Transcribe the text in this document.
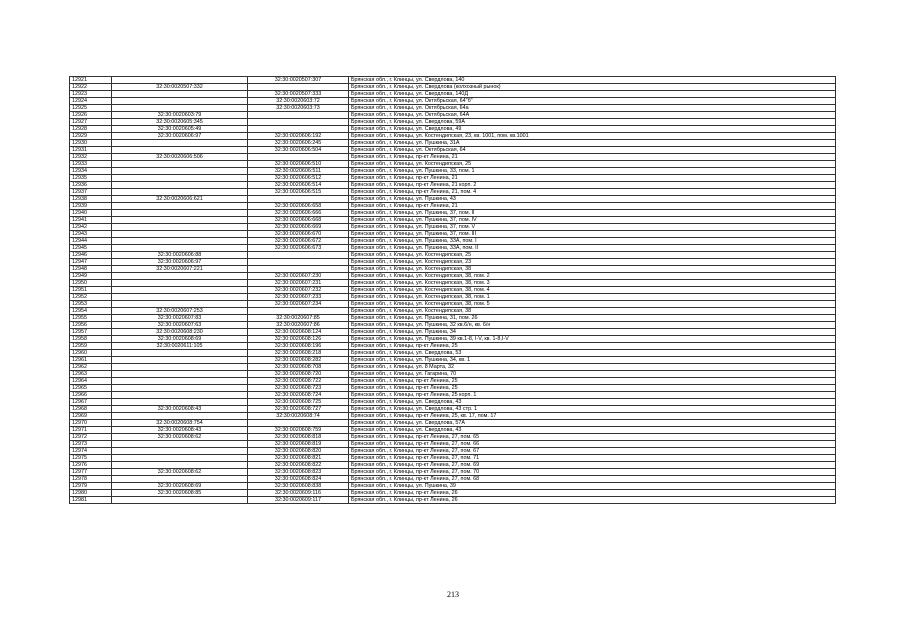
12921		32:30:0020507:307	Брянская обл., г. Клинцы, ул. Свердлова, 140
12922	32:30:0020507:332		Брянская обл., г. Клинцы, ул. Свердлова (колхозный рынок)
12923		32:30:0020507:333	Брянская обл., г. Клинцы, ул. Свердлова, 140Д
12924		32:30:0020603:72	Брянская обл., г. Клинцы, ул. Октябрьская, 64"б"
12925		32:30:0020603:73	Брянская обл., г. Клинцы, ул. Октябрьская, 64а
12926	32:30:0020603:79		Брянская обл., г. Клинцы, ул. Октябрьская, 64А
12927	32:30:0020605:345		Брянская обл., г. Клинцы, ул. Свердлова, 59А
12928	32:30:0020605:49		Брянская обл., г. Клинцы, ул. Свердлова, 49
12929	32:30:0020606:97	32:30:0020606:192	Брянская обл., г. Клинцы, ул. Костендипская, 23, кв. 1001, пом. кв.1001
12930		32:30:0020606:245	Брянская обл., г. Клинцы, ул. Пушкина, 31А
12931		32:30:0020606:504	Брянская обл., г. Клинцы, ул. Октябрьская, 64
12932	32:30:0020606:506		Брянская обл., г. Клинцы, пр-кт Ленина, 21
12933		32:30:0020606:510	Брянская обл., г. Клинцы, ул. Костендипская, 25
12934		32:30:0020606:511	Брянская обл., г. Клинцы, ул. Пушкина, 33, пом. 1
12935		32:30:0020606:512	Брянская обл., г. Клинцы, пр-кт Ленина, 21
12936		32:30:0020606:514	Брянская обл., г. Клинцы, пр-кт Ленина, 21 корп. 2
12937		32:30:0020606:515	Брянская обл., г. Клинцы, пр-кт Ленина, 21, пом. 4
12938	32:30:0020606:621		Брянская обл., г. Клинцы, ул. Пушкина, 43
12939		32:30:0020606:658	Брянская обл., г. Клинцы, пр-кт Ленина, 21
12940		32:30:0020606:666	Брянская обл., г. Клинцы, ул. Пушкина, 37, пом. II
12941		32:30:0020606:668	Брянская обл., г. Клинцы, ул. Пушкина, 37, пом. IV
12942		32:30:0020606:669	Брянская обл., г. Клинцы, ул. Пушкина, 37, пом. V
12943		32:30:0020606:670	Брянская обл., г. Клинцы, ул. Пушкина, 37, пом. III
12944		32:30:0020606:672	Брянская обл., г. Клинцы, ул. Пушкина, 33А, пом. I
12945		32:30:0020606:673	Брянская обл., г. Клинцы, ул. Пушкина, 33А, пом. II
12946	32:30:0020606:88		Брянская обл., г. Клинцы, ул. Костендипская, 25
12947	32:30:0020606:97		Брянская обл., г. Клинцы, ул. Костендипская, 23
12948	32:30:0020607:221		Брянская обл., г. Клинцы, ул. Костендипская, 38
12949		32:30:0020607:230	Брянская обл., г. Клинцы, ул. Костендипская, 38, пом. 2
12950		32:30:0020607:231	Брянская обл., г. Клинцы, ул. Костендипская, 38, пом. 3
12951		32:30:0020607:232	Брянская обл., г. Клинцы, ул. Костендипская, 38, пом. 4
12952		32:30:0020607:233	Брянская обл., г. Клинцы, ул. Костендипская, 38, пом. 1
12953		32:30:0020607:234	Брянская обл., г. Клинцы, ул. Костендипская, 38, пом. 5
12954	32:30:0020607:253		Брянская обл., г. Клинцы, ул. Костендипская, 38
12955	32:30:0020607:83	32:30:0020607:85	Брянская обл., г. Клинцы, ул. Пушкина, 31, пом. 26
12956	32:30:0020607:63	32:30:0020607:86	Брянская обл., г. Клинцы, ул. Пушкина, 32 кв.6/н, кв. 6/н
12957	32:30:0020608:230	32:30:0020608:124	Брянская обл., г. Клинцы, ул. Пушкина, 34
12958	32:30:0020608:69	32:30:0020608:126	Брянская обл., г. Клинцы, ул. Пушкина, 39 кв.1-8, I-V, кв. 1-8,I-V
12959	32:30:0020611:105	32:30:0020608:196	Брянская обл., г. Клинцы, пр-кт Ленина, 25
12960		32:30:0020608:218	Брянская обл., г. Клинцы, ул. Свердлова, 53
12961		32:30:0020608:282	Брянская обл., г. Клинцы, ул. Пушкина, 34, кв. 1
12962		32:30:0020608:708	Брянская обл., г. Клинцы, ул. 8 Марта, 32
12963		32:30:0020608:720	Брянская обл., г. Клинцы, ул. Гагарина, 70
12964		32:30:0020608:722	Брянская обл., г. Клинцы, пр-кт Ленина, 25
12965		32:30:0020608:723	Брянская обл., г. Клинцы, пр-кт Ленина, 25
12966		32:30:0020608:724	Брянская обл., г. Клинцы, пр-кт Ленина, 25 корп. 1
12967		32:30:0020608:725	Брянская обл., г. Клинцы, ул. Свердлова, 43
12968	32:30:0020608:43	32:30:0020608:727	Брянская обл., г. Клинцы, ул. Свердлова, 43 стр. 1
12969		32:30:0020608:74	Брянская обл., г. Клинцы, пр-кт Ленина, 25, кв. 17, пом. 17
12970	32:30:0020608:754		Брянская обл., г. Клинцы, ул. Свердлова, 57А
12971	32:30:0020608:43	32:30:0020608:759	Брянская обл., г. Клинцы, ул. Свердлова, 43
12972	32:30:0020608:62	32:30:0020608:818	Брянская обл., г. Клинцы, пр-кт Ленина, 27, пом. 65
12973		32:30:0020608:819	Брянская обл., г. Клинцы, пр-кт Ленина, 27, пом. 66
12974		32:30:0020608:820	Брянская обл., г. Клинцы, пр-кт Ленина, 27, пом. 67
12975		32:30:0020608:821	Брянская обл., г. Клинцы, пр-кт Ленина, 27, пом. 71
12976		32:30:0020608:822	Брянская обл., г. Клинцы, пр-кт Ленина, 27, пом. 69
12977	32:30:0020608:62	32:30:0020608:823	Брянская обл., г. Клинцы, пр-кт Ленина, 27, пом. 70
12978		32:30:0020608:824	Брянская обл., г. Клинцы, пр-кт Ленина, 27, пом. 68
12979	32:30:0020608:69	32:30:0020608:838	Брянская обл., г. Клинцы, ул. Пушкина, 39
12980	32:30:0020608:85	32:30:0020609:116	Брянская обл., г. Клинцы, пр-кт Ленина, 26
12981		32:30:0020609:117	Брянская обл., г. Клинцы, пр-кт Ленина, 26
213
